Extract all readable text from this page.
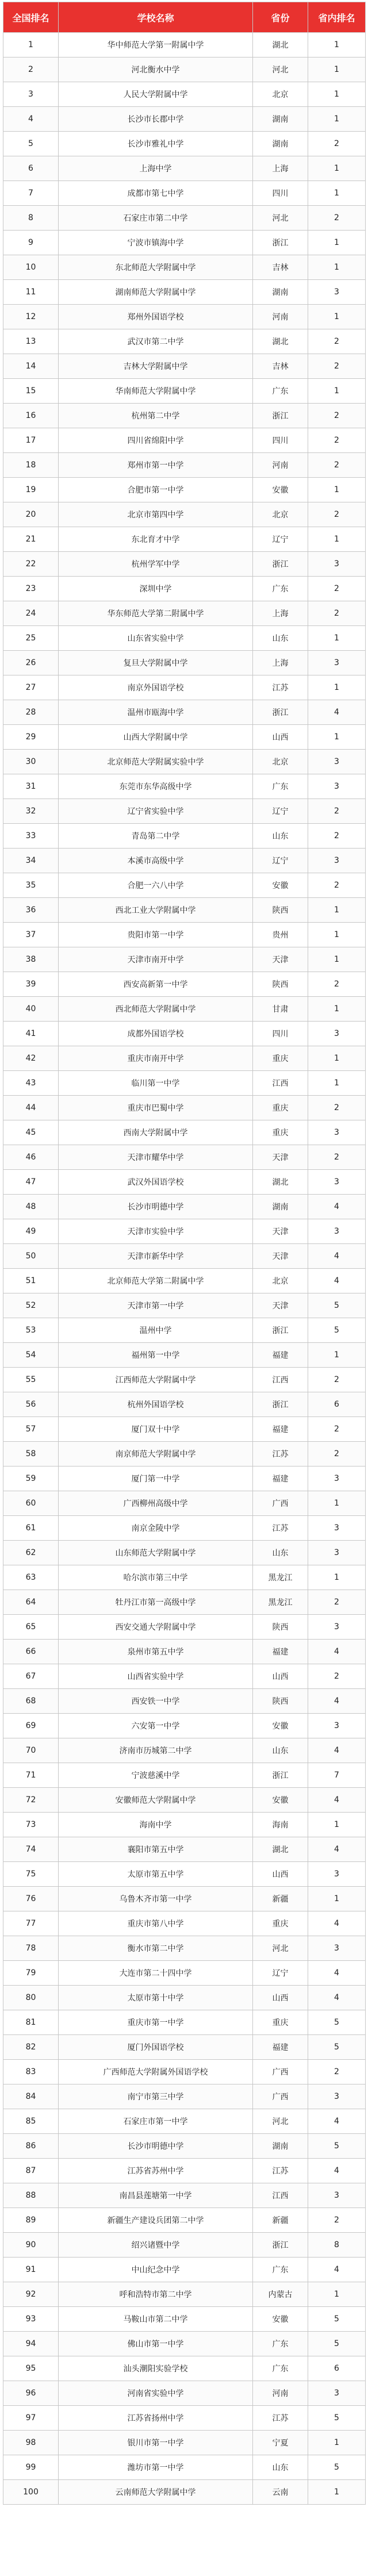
全国排名	学校名称	省份	省内排名
1	华中师范大学第一附属中学	湖北	1
2	河北衡水中学	河北	1
3	人民大学附属中学	北京	1
4	长沙市长郡中学	湖南	1
5	长沙市雅礼中学	湖南	2
6	上海中学	上海	1
7	成都市第七中学	四川	1
8	石家庄市第二中学	河北	2
9	宁波市镇海中学	浙江	1
10	东北师范大学附属中学	吉林	1
11	湖南师范大学附属中学	湖南	3
12	郑州外国语学校	河南	1
13	武汉市第二中学	湖北	2
14	吉林大学附属中学	吉林	2
15	华南师范大学附属中学	广东	1
16	杭州第二中学	浙江	2
17	四川省绵阳中学	四川	2
18	郑州市第一中学	河南	2
19	合肥市第一中学	安徽	1
20	北京市第四中学	北京	2
21	东北育才中学	辽宁	1
22	杭州学军中学	浙江	3
23	深圳中学	广东	2
24	华东师范大学第二附属中学	上海	2
25	山东省实验中学	山东	1
26	复旦大学附属中学	上海	3
27	南京外国语学校	江苏	1
28	温州市瓯海中学	浙江	4
29	山西大学附属中学	山西	1
30	北京师范大学附属实验中学	北京	3
31	东莞市东华高级中学	广东	3
32	辽宁省实验中学	辽宁	2
33	青岛第二中学	山东	2
34	本溪市高级中学	辽宁	3
35	合肥一六八中学	安徽	2
36	西北工业大学附属中学	陕西	1
37	贵阳市第一中学	贵州	1
38	天津市南开中学	天津	1
39	西安高新第一中学	陕西	2
40	西北师范大学附属中学	甘肃	1
41	成都外国语学校	四川	3
42	重庆市南开中学	重庆	1
43	临川第一中学	江西	1
44	重庆市巴蜀中学	重庆	2
45	西南大学附属中学	重庆	3
46	天津市耀华中学	天津	2
47	武汉外国语学校	湖北	3
48	长沙市明德中学	湖南	4
49	天津市实验中学	天津	3
50	天津市新华中学	天津	4
51	北京师范大学第二附属中学	北京	4
52	天津市第一中学	天津	5
53	温州中学	浙江	5
54	福州第一中学	福建	1
55	江西师范大学附属中学	江西	2
56	杭州外国语学校	浙江	6
57	厦门双十中学	福建	2
58	南京师范大学附属中学	江苏	2
59	厦门第一中学	福建	3
60	广西柳州高级中学	广西	1
61	南京金陵中学	江苏	3
62	山东师范大学附属中学	山东	3
63	哈尔滨市第三中学	黑龙江	1
64	牡丹江市第一高级中学	黑龙江	2
65	西安交通大学附属中学	陕西	3
66	泉州市第五中学	福建	4
67	山西省实验中学	山西	2
68	西安铁一中学	陕西	4
69	六安第一中学	安徽	3
70	济南市历城第二中学	山东	4
71	宁波慈溪中学	浙江	7
72	安徽师范大学附属中学	安徽	4
73	海南中学	海南	1
74	襄阳市第五中学	湖北	4
75	太原市第五中学	山西	3
76	乌鲁木齐市第一中学	新疆	1
77	重庆市第八中学	重庆	4
78	衡水市第二中学	河北	3
79	大连市第二十四中学	辽宁	4
80	太原市第十中学	山西	4
81	重庆市第一中学	重庆	5
82	厦门外国语学校	福建	5
83	广西师范大学附属外国语学校	广西	2
84	南宁市第三中学	广西	3
85	石家庄市第一中学	河北	4
86	长沙市明德中学	湖南	5
87	江苏省苏州中学	江苏	4
88	南昌县莲塘第一中学	江西	3
89	新疆生产建设兵团第二中学	新疆	2
90	绍兴诸暨中学	浙江	8
91	中山纪念中学	广东	4
92	呼和浩特市第二中学	内蒙古	1
93	马鞍山市第二中学	安徽	5
94	佛山市第一中学	广东	5
95	汕头潮阳实验学校	广东	6
96	河南省实验中学	河南	3
97	江苏省扬州中学	江苏	5
98	银川市第一中学	宁夏	1
99	潍坊市第一中学	山东	5
100	云南师范大学附属中学	云南	1
